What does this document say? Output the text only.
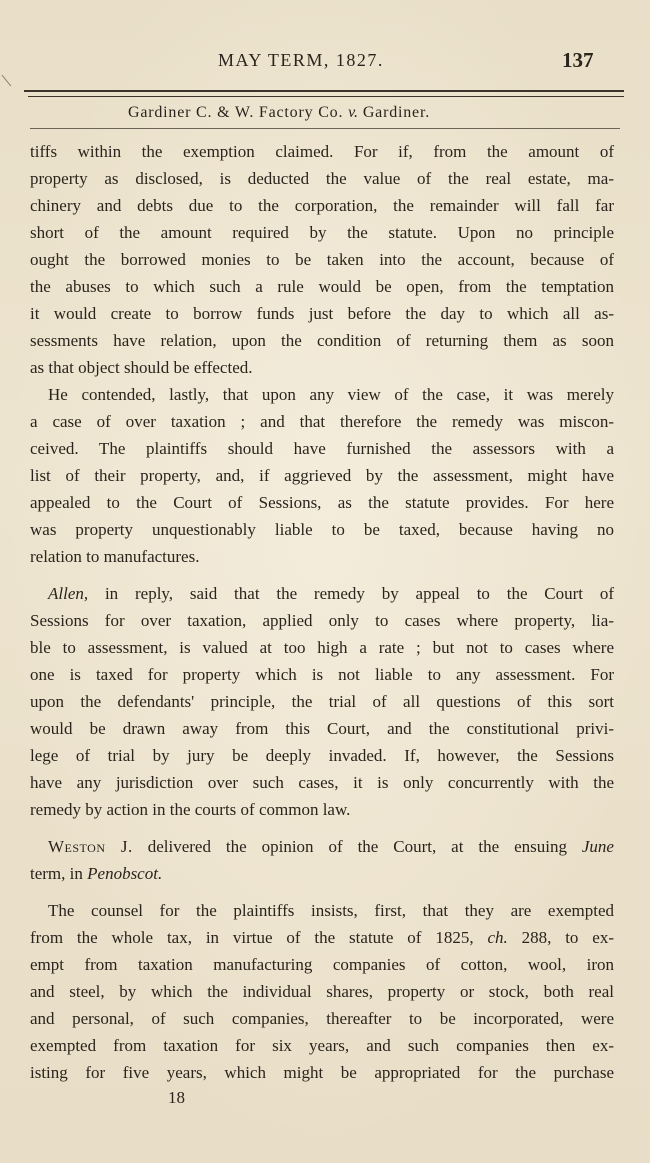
\
MAY TERM, 1827.	137
Gardiner C. & W. Factory Co. v. Gardiner.
tiffs within the exemption claimed. For if, from the amount of
property as disclosed, is deducted the value of the real estate, ma-
chinery and debts due to the corporation, the remainder will fall far
short of the amount required by the statute. Upon no principle
ought the borrowed monies to be taken into the account, because of
the abuses to which such a rule would be open, from the temptation
it would create to borrow funds just before the day to which all as-
sessments have relation, upon the condition of returning them as soon
as that object should be effected.
He contended, lastly, that upon any view of the case, it was merely
a case of over taxation ; and that therefore the remedy was miscon-
ceived. The plaintiffs should have furnished the assessors with a
list of their property, and, if aggrieved by the assessment, might have
appealed to the Court of Sessions, as the statute provides. For here
was property unquestionably liable to be taxed, because having no
relation to manufactures.
Allen, in reply, said that the remedy by appeal to the Court of
Sessions for over taxation, applied only to cases where property, lia-
ble to assessment, is valued at too high a rate ; but not to cases where
one is taxed for property which is not liable to any assessment. For
upon the defendants' principle, the trial of all questions of this sort
would be drawn away from this Court, and the constitutional privi-
lege of trial by jury be deeply invaded. If, however, the Sessions
have any jurisdiction over such cases, it is only concurrently with the
remedy by action in the courts of common law.
Weston J. delivered the opinion of the Court, at the ensuing June
term, in Penobscot.
The counsel for the plaintiffs insists, first, that they are exempted
from the whole tax, in virtue of the statute of 1825, ch. 288, to ex-
empt from taxation manufacturing companies of cotton, wool, iron
and steel, by which the individual shares, property or stock, both real
and personal, of such companies, thereafter to be incorporated, were
exempted from taxation for six years, and such companies then ex-
isting for five years, which might be appropriated for the purchase
18
